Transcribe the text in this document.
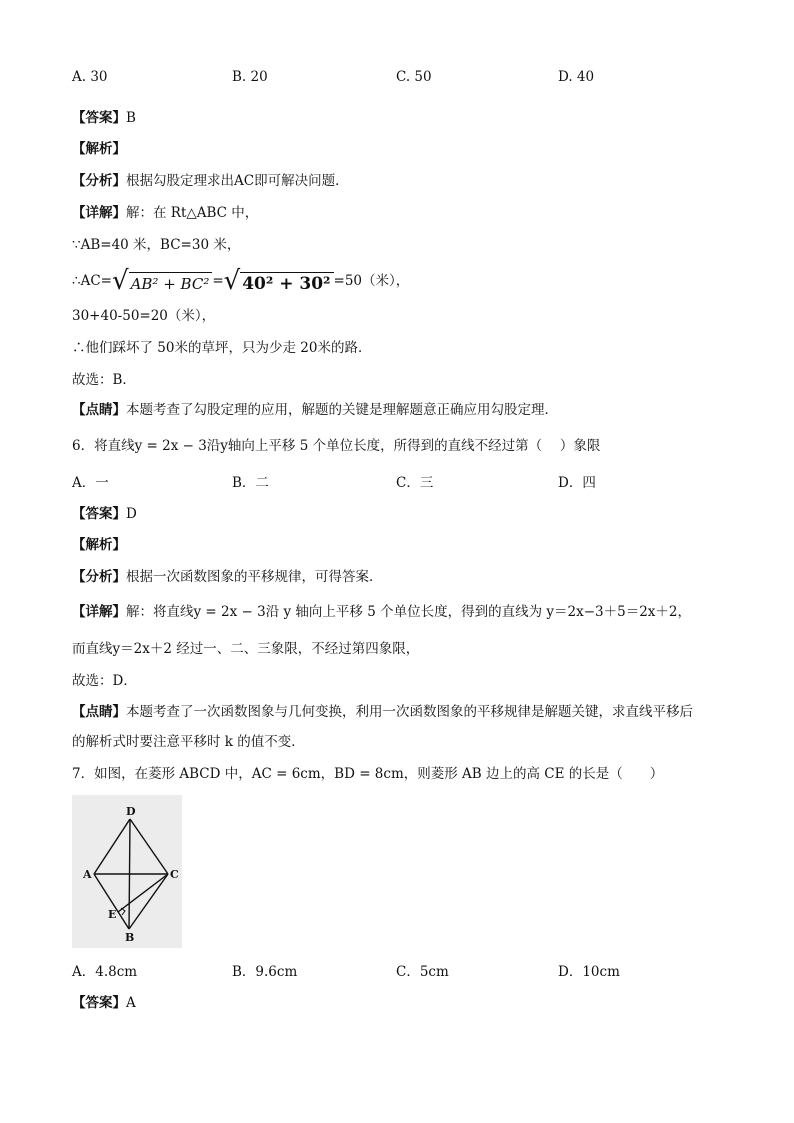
A. 30	B. 20	C. 50	D. 40
【答案】B
【解析】
【分析】根据勾股定理求出AC即可解决问题．
【详解】解：在 Rt△ABC 中，
∵AB=40 米，BC=30 米，
∴AC= √ AB² + BC² = √ 40² + 30² =50（米），
30+40-50=20（米），
∴他们踩坏了 50米的草坪，只为少走 20米的路．
故选：B．
【点睛】本题考查了勾股定理的应用，解题的关键是理解题意正确应用勾股定理．
6．将直线y = 2x − 3沿y轴向上平移 5 个单位长度，所得到的直线不经过第（　 ）象限
A．一	B．二	C．三	D．四
【答案】D
【解析】
【分析】根据一次函数图象的平移规律，可得答案．
【详解】解：将直线y = 2x − 3沿 y 轴向上平移 5 个单位长度，得到的直线为 y＝2x−3＋5＝2x＋2，
而直线y＝2x＋2 经过一、二、三象限，不经过第四象限，
故选：D．
【点睛】本题考查了一次函数图象与几何变换，利用一次函数图象的平移规律是解题关键，求直线平移后
的解析式时要注意平移时 k 的值不变．
7．如图，在菱形 ABCD 中，AC = 6cm，BD = 8cm，则菱形 AB 边上的高 CE 的长是（　　）
D
A	C
E
B
A．4.8cm	B．9.6cm	C．5cm	D．10cm
【答案】A
